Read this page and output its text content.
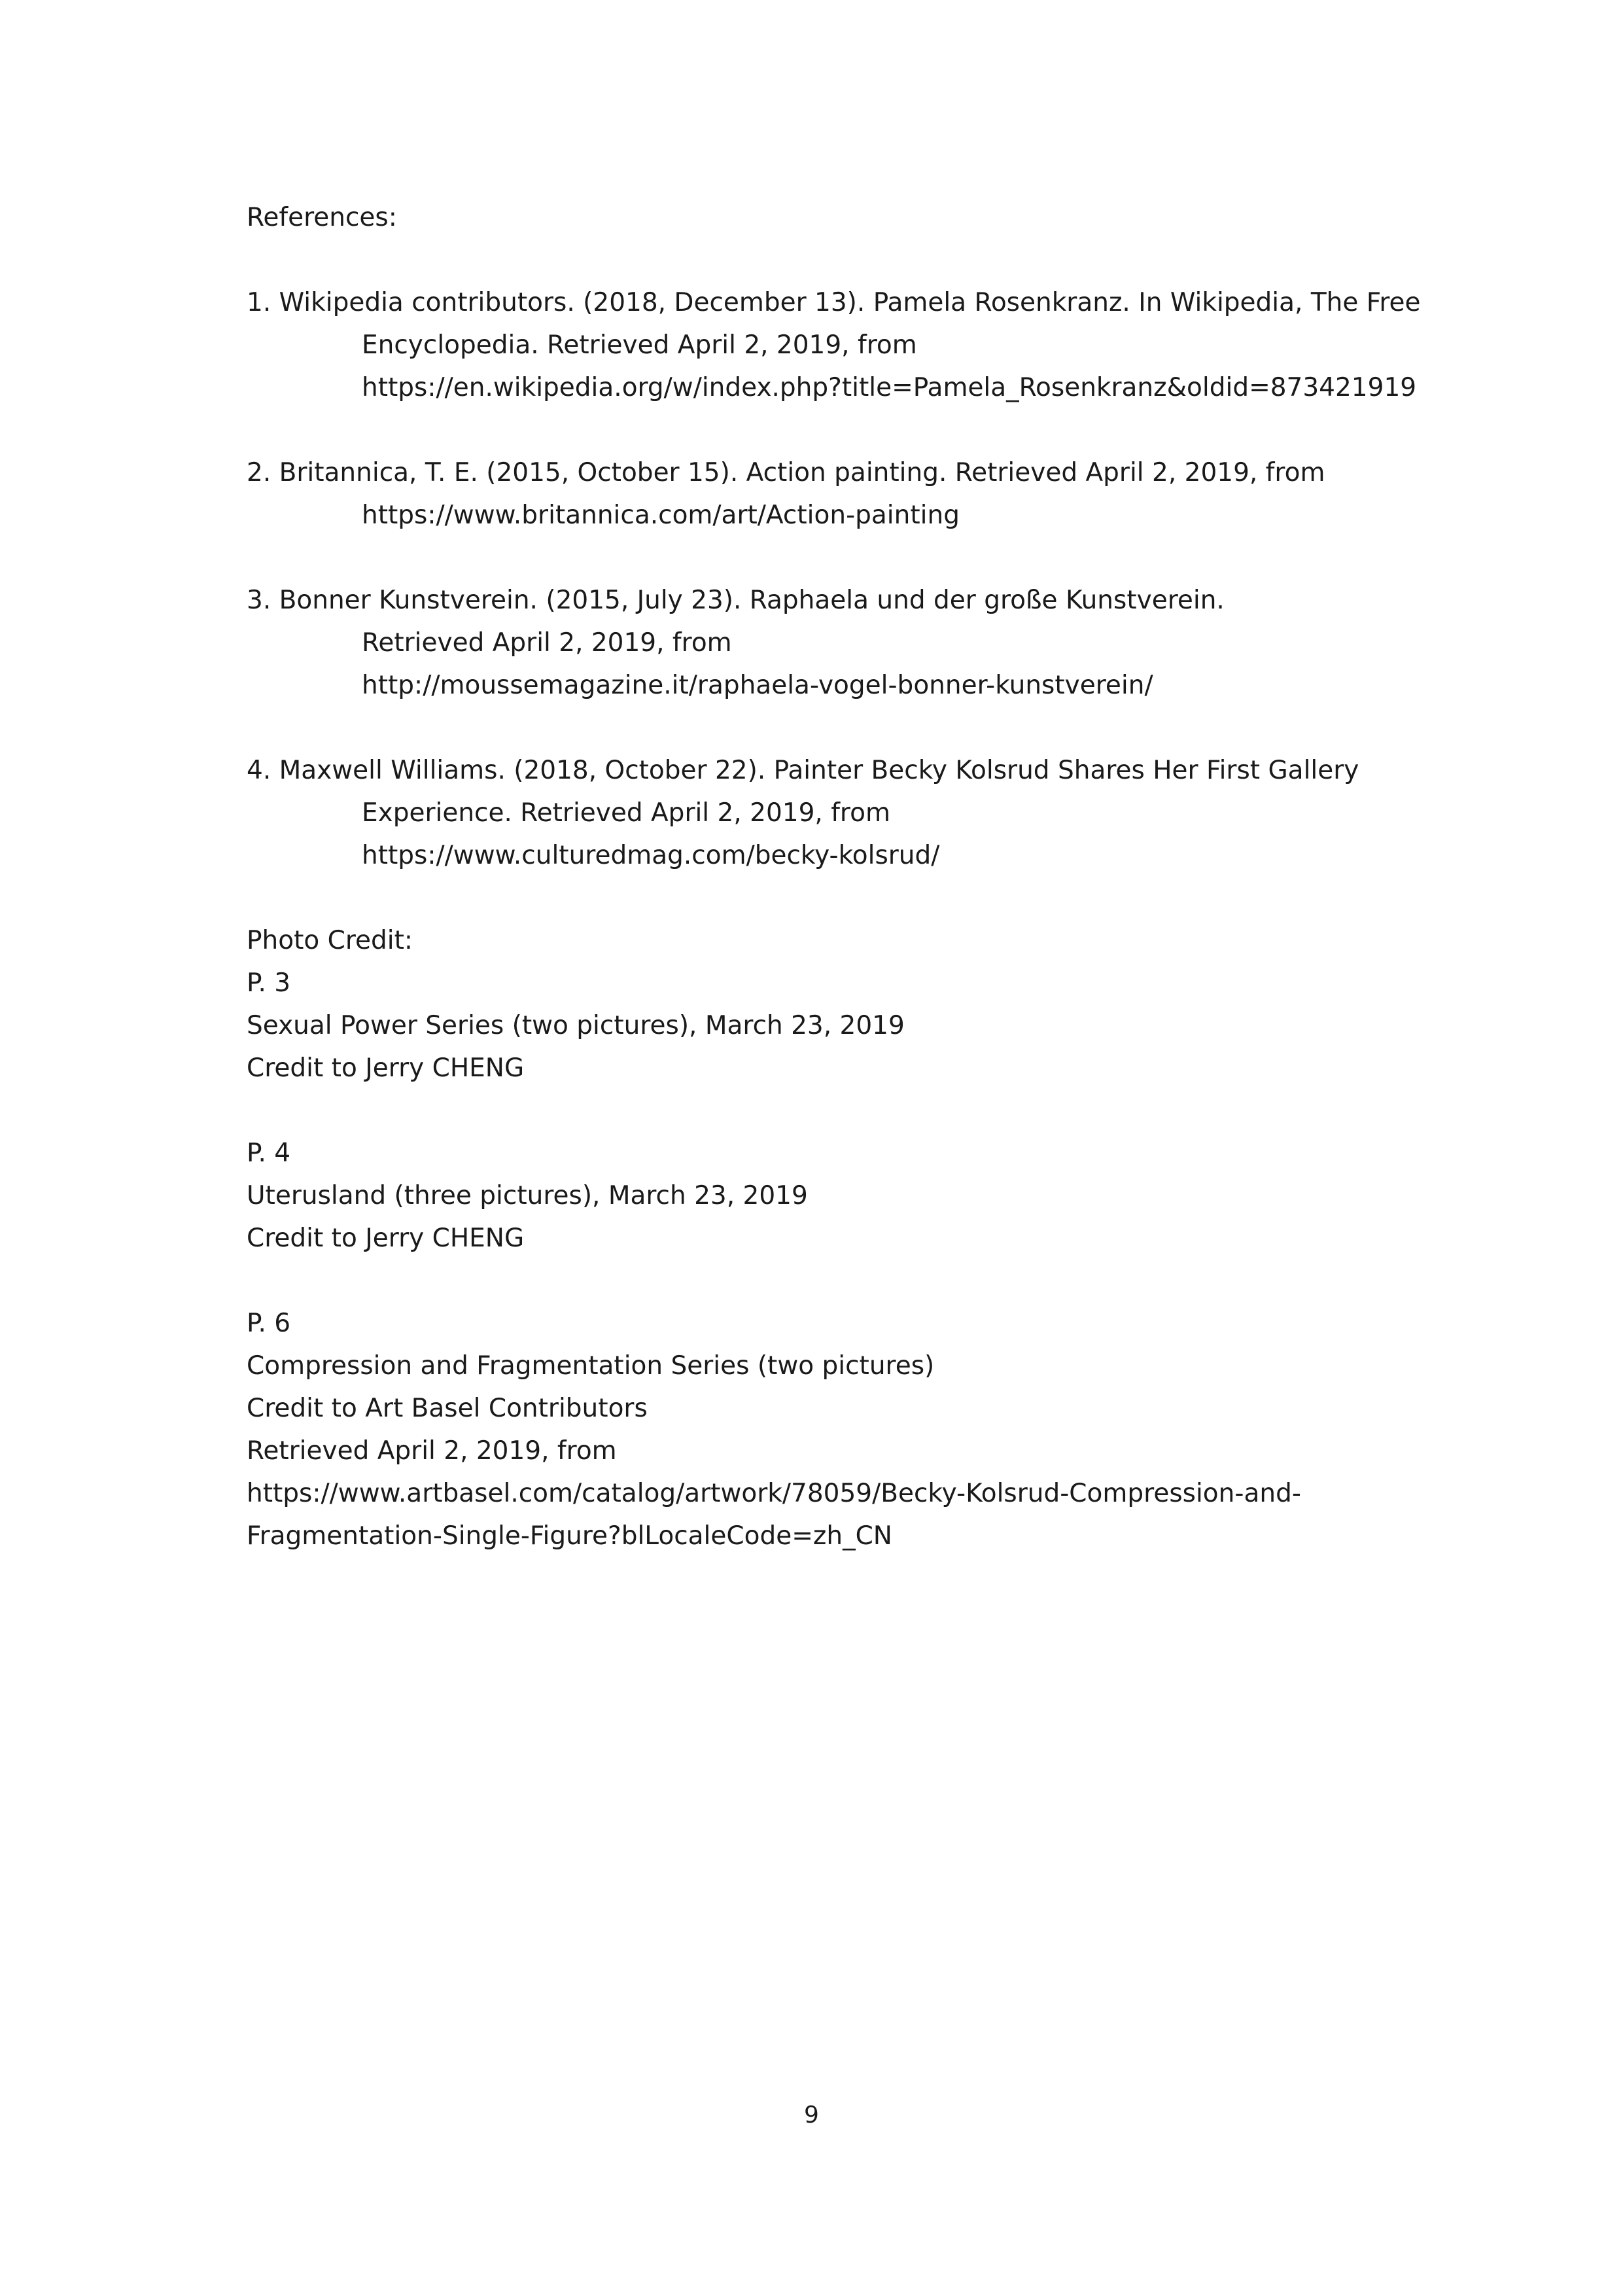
References:
1. Wikipedia contributors. (2018, December 13). Pamela Rosenkranz. In Wikipedia, The Free
Encyclopedia. Retrieved April 2, 2019, from
https://en.wikipedia.org/w/index.php?title=Pamela_Rosenkranz&oldid=873421919
2. Britannica, T. E. (2015, October 15). Action painting. Retrieved April 2, 2019, from
https://www.britannica.com/art/Action-painting
3. Bonner Kunstverein. (2015, July 23). Raphaela und der große Kunstverein.
Retrieved April 2, 2019, from
http://moussemagazine.it/raphaela-vogel-bonner-kunstverein/
4. Maxwell Williams. (2018, October 22). Painter Becky Kolsrud Shares Her First Gallery
Experience. Retrieved April 2, 2019, from
https://www.culturedmag.com/becky-kolsrud/
Photo Credit:
P. 3
Sexual Power Series (two pictures), March 23, 2019
Credit to Jerry CHENG
P. 4
Uterusland (three pictures), March 23, 2019
Credit to Jerry CHENG
P. 6
Compression and Fragmentation Series (two pictures)
Credit to Art Basel Contributors
Retrieved April 2, 2019, from
https://www.artbasel.com/catalog/artwork/78059/Becky-Kolsrud-Compression-and-
Fragmentation-Single-Figure?blLocaleCode=zh_CN
9
